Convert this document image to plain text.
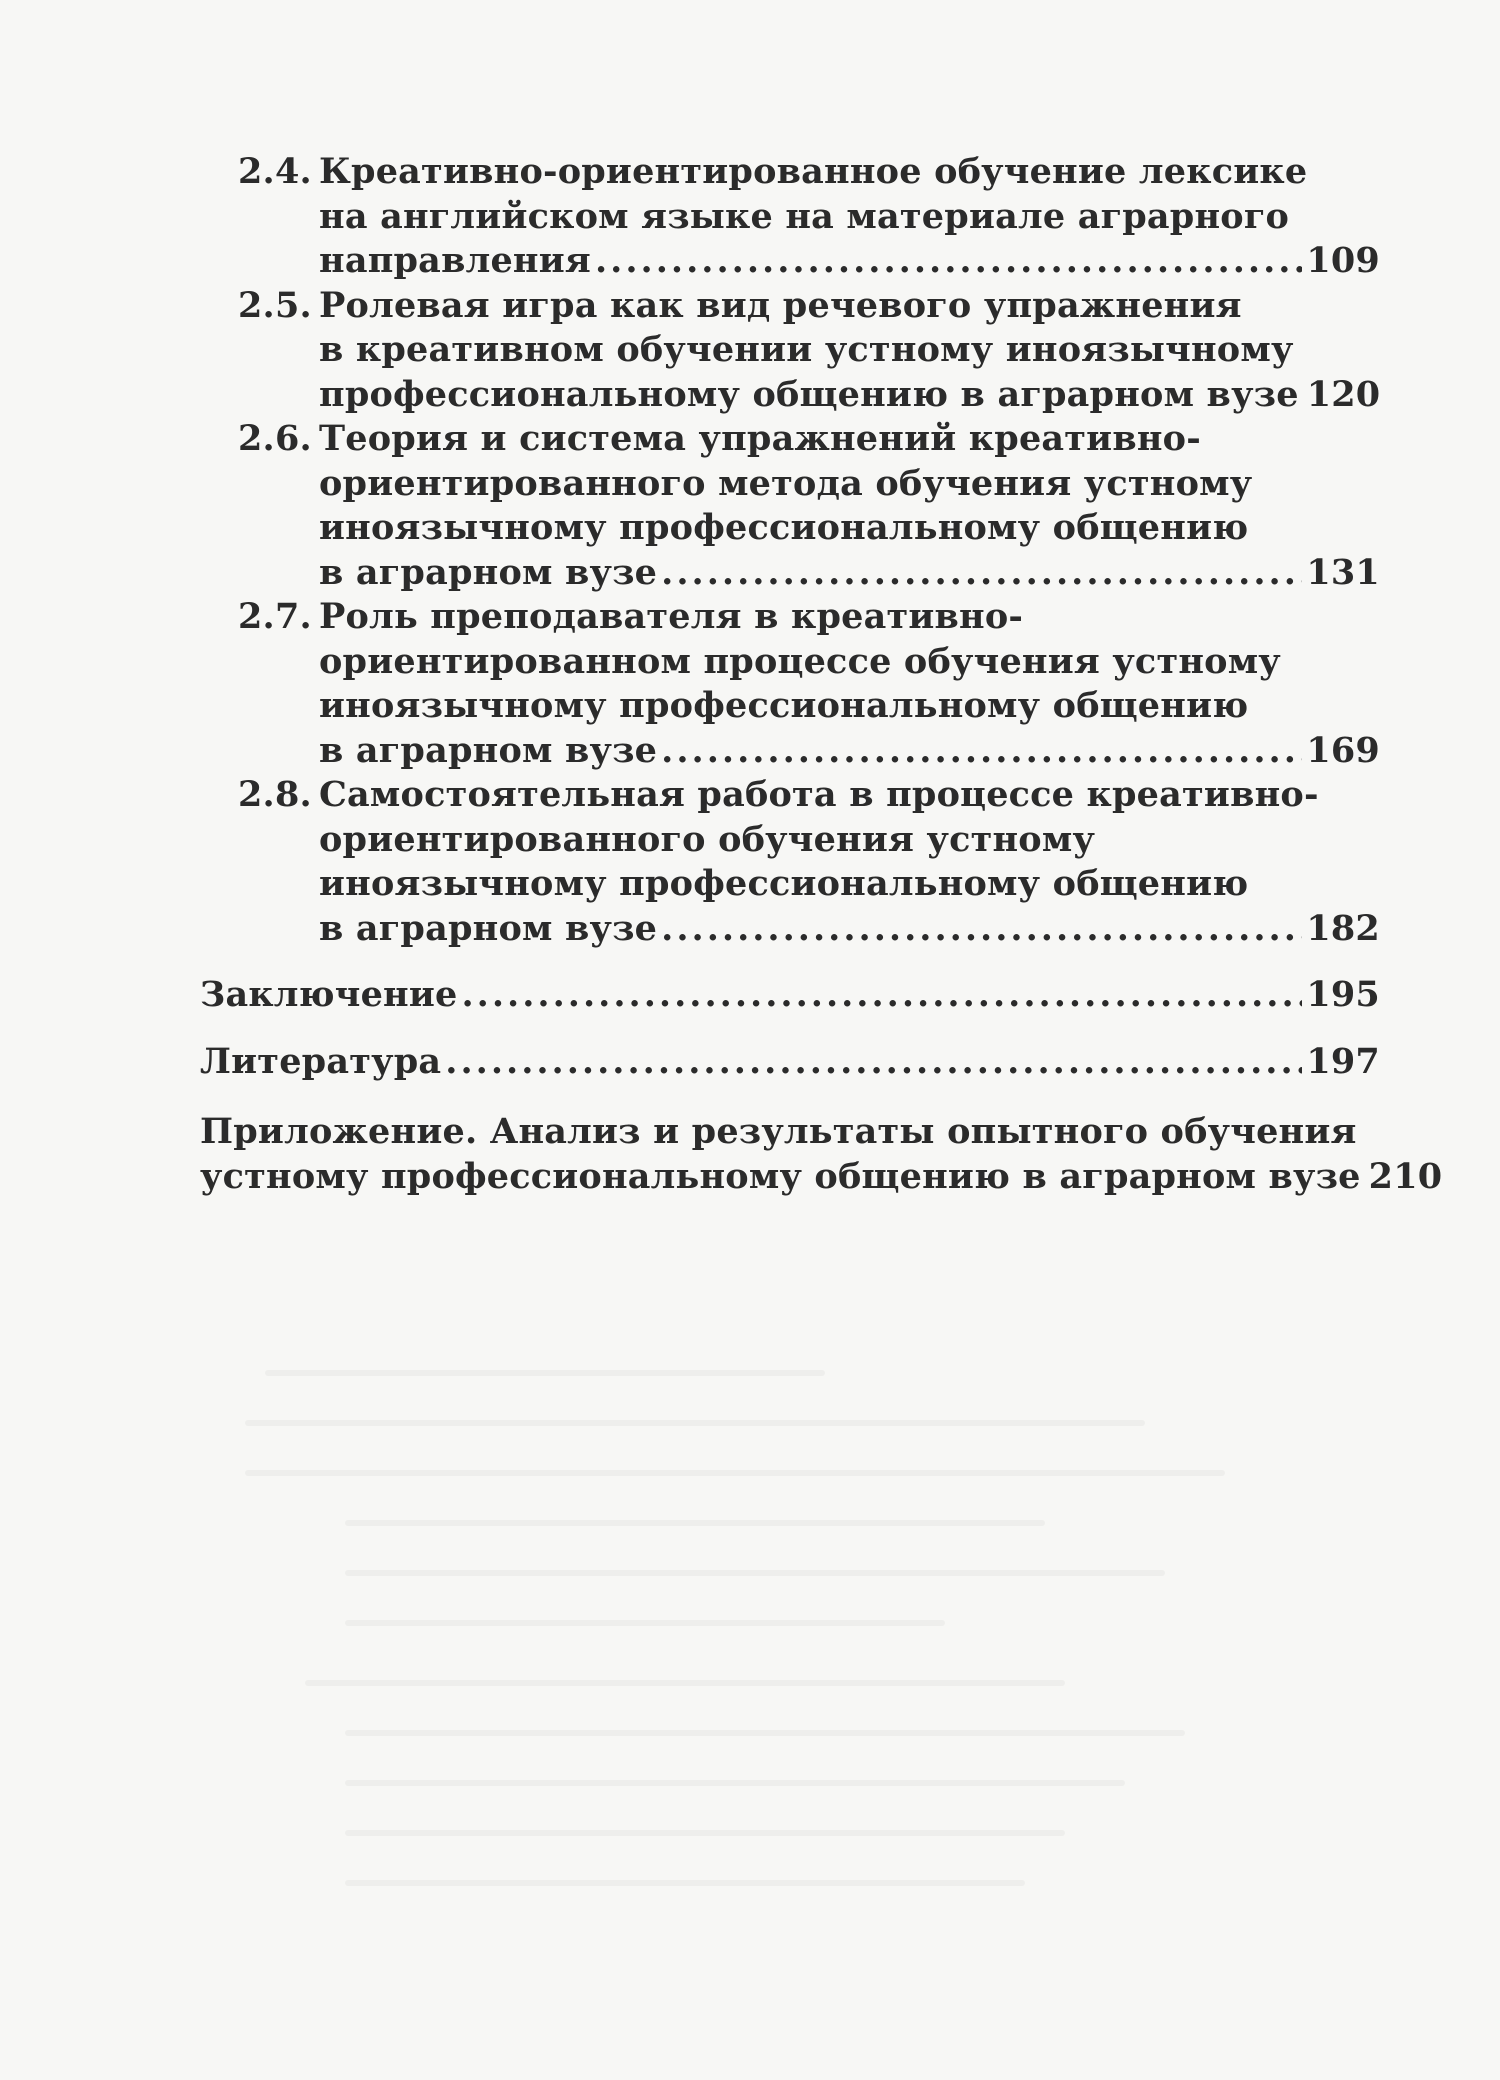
2.4. Креативно-ориентированное обучение лексике
на английском языке на материале аграрного
направления .....	109
2.5. Ролевая игра как вид речевого упражнения
в креативном обучении устному иноязычному
профессиональному общению в аграрном вузе 120
2.6. Теория и система упражнений креативно-
ориентированного метода обучения устному
иноязычному профессиональному общению
в аграрном вузе .....	131
2.7. Роль преподавателя в креативно-
ориентированном процессе обучения устному
иноязычному профессиональному общению
в аграрном вузе .....	169
2.8. Самостоятельная работа в процессе креативно-
ориентированного обучения устному
иноязычному профессиональному общению
в аграрном вузе .....	182
Заключение .....	195
Литература .....	197
Приложение. Анализ и результаты опытного обучения
устному профессиональному общению в аграрном вузе 210
